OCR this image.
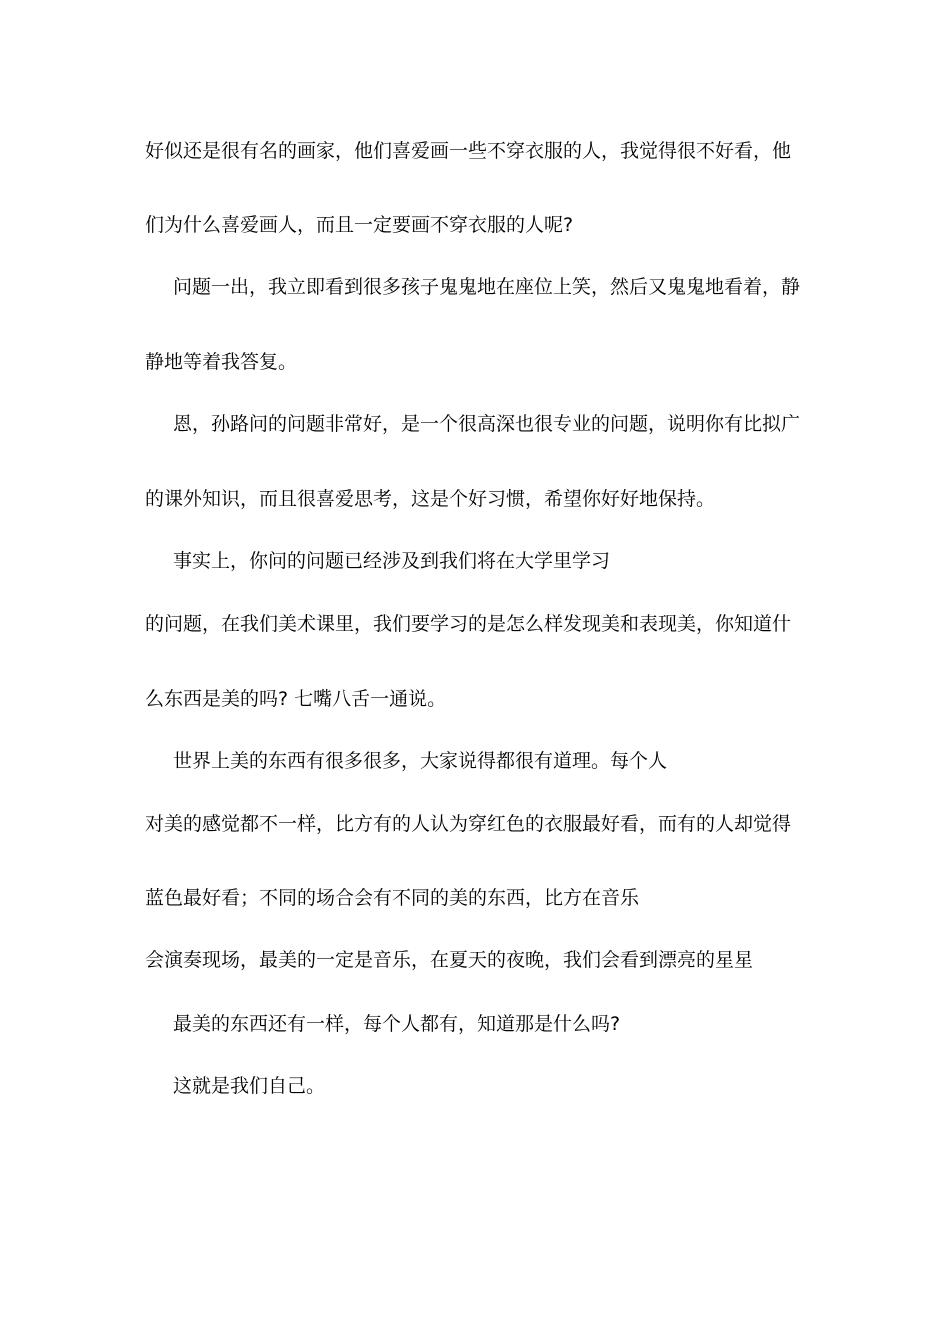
好似还是很有名的画家，他们喜爱画一些不穿衣服的人，我觉得很不好看，他
们为什么喜爱画人，而且一定要画不穿衣服的人呢?
问题一出，我立即看到很多孩子鬼鬼地在座位上笑，然后又鬼鬼地看着，静
静地等着我答复。
恩，孙路问的问题非常好，是一个很高深也很专业的问题，说明你有比拟广
的课外知识，而且很喜爱思考，这是个好习惯，希望你好好地保持。
事实上，你问的问题已经涉及到我们将在大学里学习
的问题，在我们美术课里，我们要学习的是怎么样发现美和表现美，你知道什
么东西是美的吗? 七嘴八舌一通说。
世界上美的东西有很多很多，大家说得都很有道理。每个人
对美的感觉都不一样，比方有的人认为穿红色的衣服最好看，而有的人却觉得
蓝色最好看；不同的场合会有不同的美的东西，比方在音乐
会演奏现场，最美的一定是音乐，在夏天的夜晚，我们会看到漂亮的星星
最美的东西还有一样，每个人都有，知道那是什么吗?
这就是我们自己。
